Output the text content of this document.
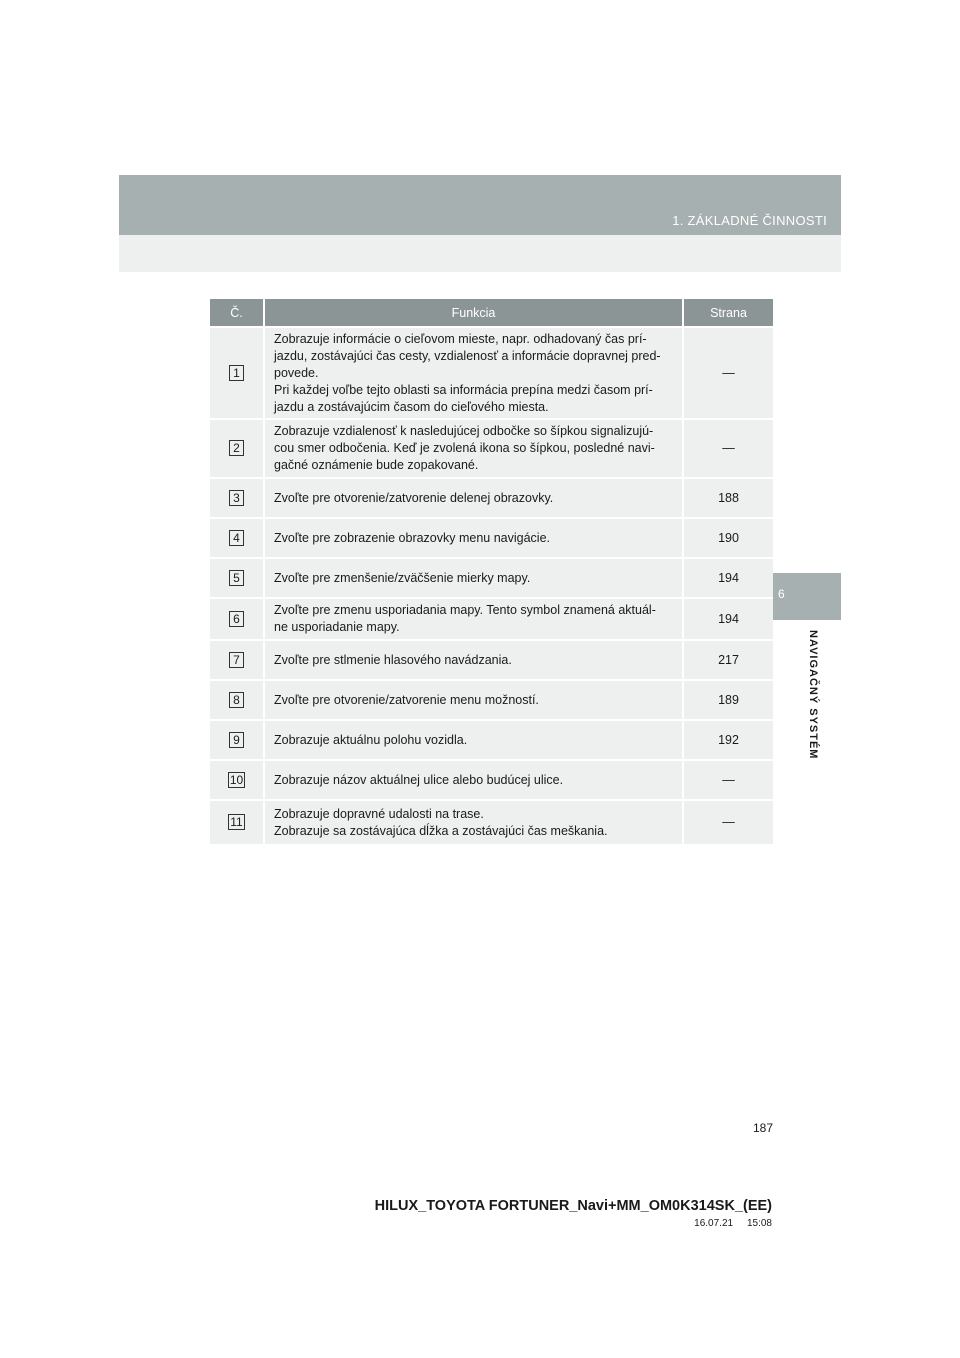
1. ZÁKLADNÉ ČINNOSTI
6
NAVIGAČNÝ SYSTÉM
Č.	Funkcia	Strana
1	Zobrazuje informácie o cieľovom mieste, napr. odhadovaný čas prí-
jazdu, zostávajúci čas cesty, vzdialenosť a informácie dopravnej pred-
povede.
Pri každej voľbe tejto oblasti sa informácia prepína medzi časom prí-
jazdu a zostávajúcim časom do cieľového miesta.	—
2	Zobrazuje vzdialenosť k nasledujúcej odbočke so šípkou signalizujú-
cou smer odbočenia. Keď je zvolená ikona so šípkou, posledné navi-
gačné oznámenie bude zopakované.	—
3	Zvoľte pre otvorenie/zatvorenie delenej obrazovky.	188
4	Zvoľte pre zobrazenie obrazovky menu navigácie.	190
5	Zvoľte pre zmenšenie/zväčšenie mierky mapy.	194
6	Zvoľte pre zmenu usporiadania mapy. Tento symbol znamená aktuál-
ne usporiadanie mapy.	194
7	Zvoľte pre stlmenie hlasového navádzania.	217
8	Zvoľte pre otvorenie/zatvorenie menu možností.	189
9	Zobrazuje aktuálnu polohu vozidla.	192
10	Zobrazuje názov aktuálnej ulice alebo budúcej ulice.	—
11	Zobrazuje dopravné udalosti na trase.
Zobrazuje sa zostávajúca dĺžka a zostávajúci čas meškania.	—
187
HILUX_TOYOTA FORTUNER_Navi+MM_OM0K314SK_(EE)
16.07.21     15:08
